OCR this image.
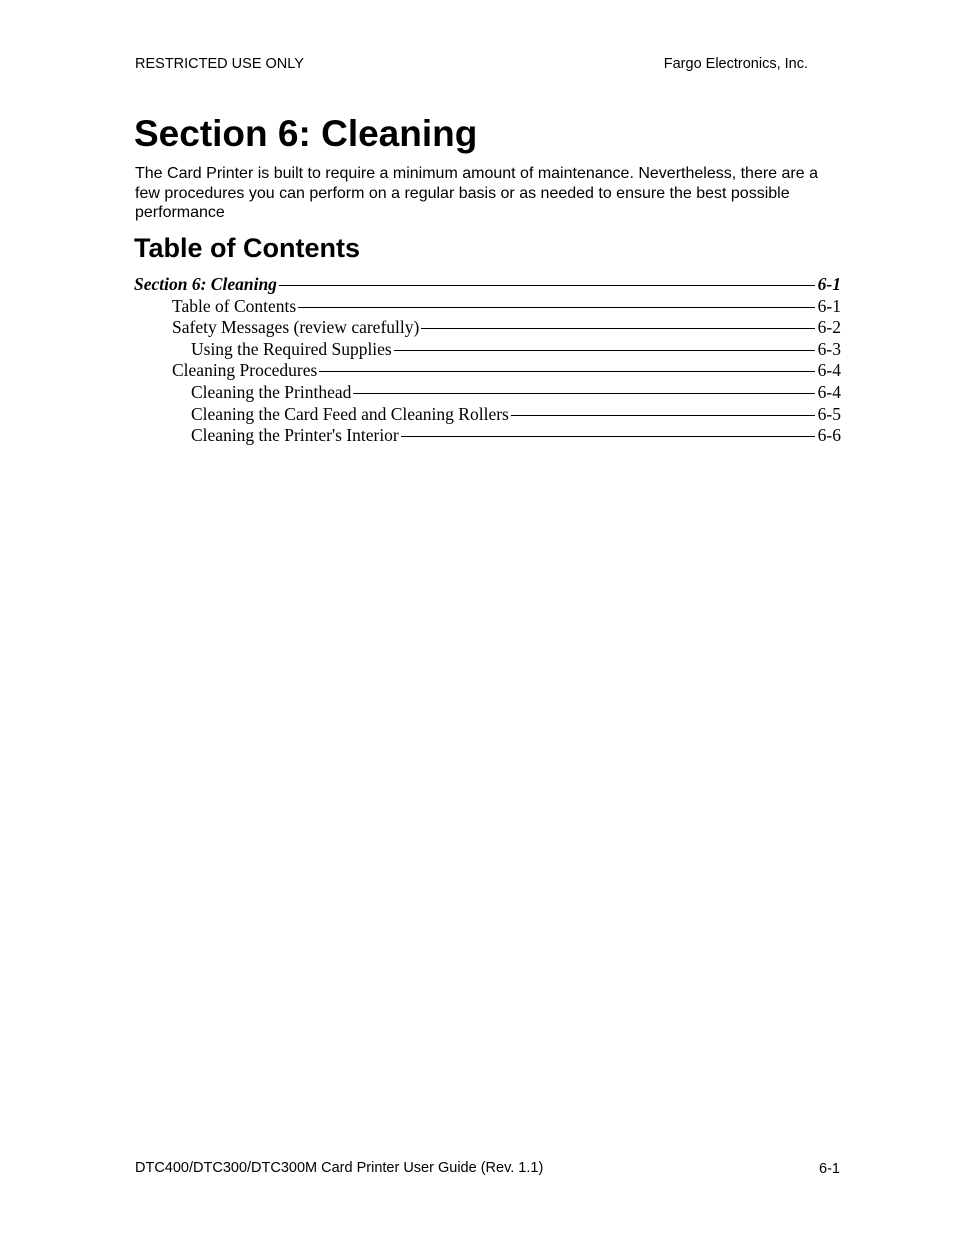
RESTRICTED USE ONLY	Fargo Electronics, Inc.
Section 6: Cleaning

The Card Printer is built to require a minimum amount of maintenance. Nevertheless, there are a few procedures you can perform on a regular basis or as needed to ensure the best possible performance

Table of Contents
Section 6: Cleaning	6-1
Table of Contents	6-1
Safety Messages (review carefully)	6-2
Using the Required Supplies	6-3
Cleaning Procedures	6-4
Cleaning the Printhead	6-4
Cleaning the Card Feed and Cleaning Rollers	6-5
Cleaning the Printer's Interior	6-6
DTC400/DTC300/DTC300M Card Printer User Guide (Rev. 1.1)	6-1
